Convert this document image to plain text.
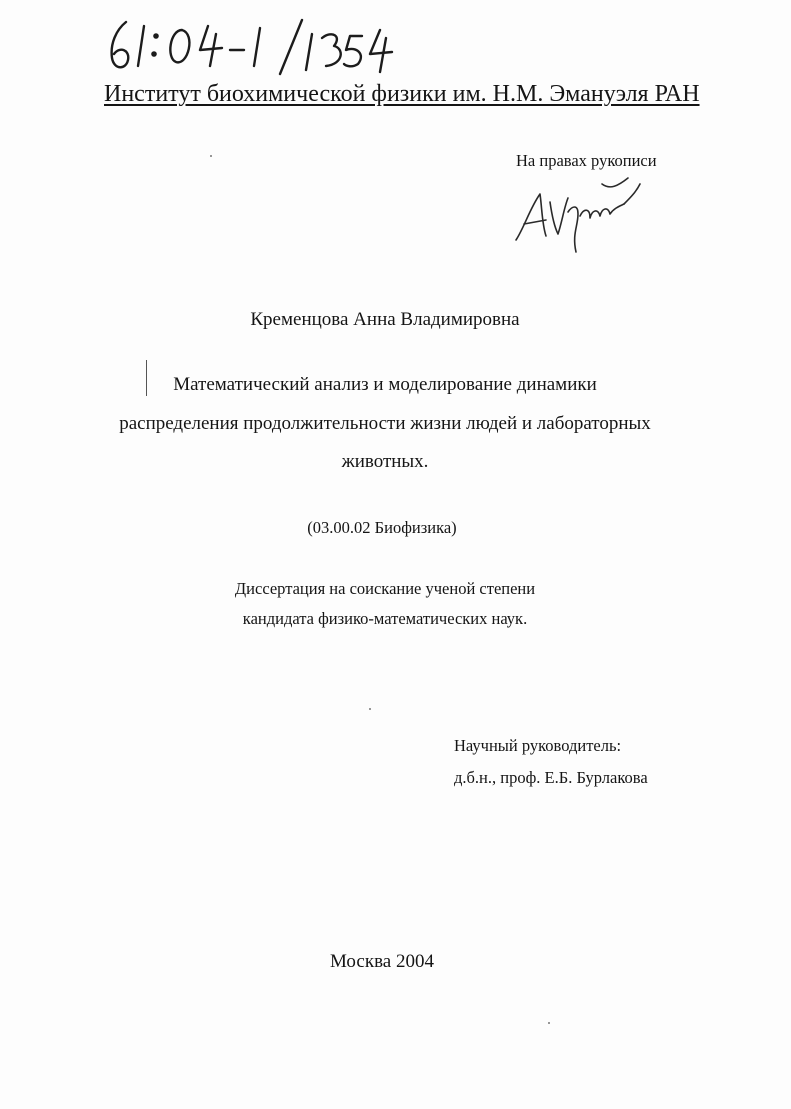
Институт биохимической физики им. Н.М. Эмануэля РАН
На правах рукописи
Кременцова Анна Владимировна
Математический анализ и моделирование динамики
распределения продолжительности жизни людей и лабораторных
животных.
(03.00.02 Биофизика)
Диссертация на соискание ученой степени
кандидата физико-математических наук.
Научный руководитель:
д.б.н., проф. Е.Б. Бурлакова
Москва 2004
